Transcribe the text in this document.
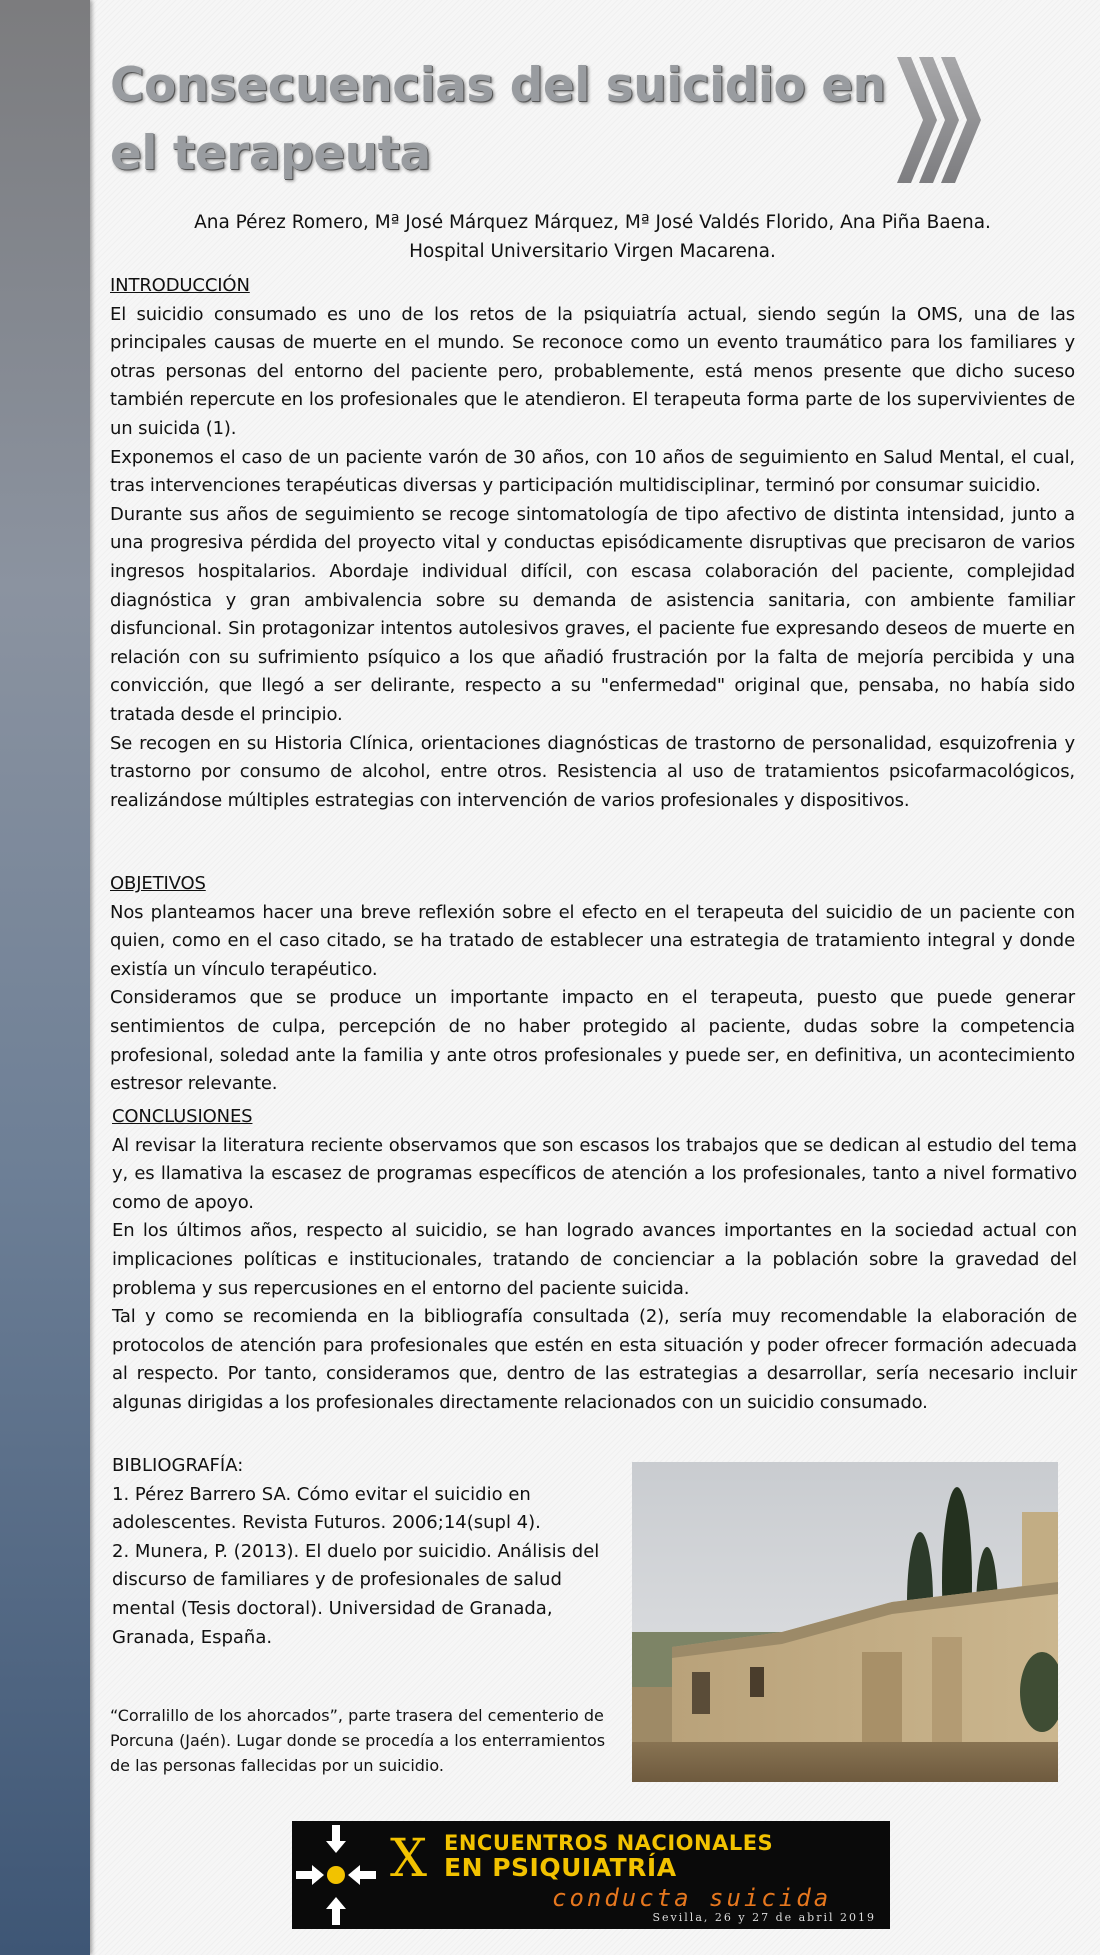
Consecuencias del suicidio en el terapeuta
Ana Pérez Romero, Mª José Márquez Márquez, Mª José Valdés Florido, Ana Piña Baena.
Hospital Universitario Virgen Macarena.
INTRODUCCIÓN

El suicidio consumado es uno de los retos de la psiquiatría actual, siendo según la OMS, una de las principales causas de muerte en el mundo. Se reconoce como un evento traumático para los familiares y otras personas del entorno del paciente pero, probablemente, está menos presente que dicho suceso también repercute en los profesionales que le atendieron. El terapeuta forma parte de los supervivientes de un suicida (1).

Exponemos el caso de un paciente varón de 30 años, con 10 años de seguimiento en Salud Mental, el cual, tras intervenciones terapéuticas diversas y participación multidisciplinar, terminó por consumar suicidio.

Durante sus años de seguimiento se recoge sintomatología de tipo afectivo de distinta intensidad, junto a una progresiva pérdida del proyecto vital y conductas episódicamente disruptivas que precisaron de varios ingresos hospitalarios. Abordaje individual difícil, con escasa colaboración del paciente, complejidad diagnóstica y gran ambivalencia sobre su demanda de asistencia sanitaria, con ambiente familiar disfuncional. Sin protagonizar intentos autolesivos graves, el paciente fue expresando deseos de muerte en relación con su sufrimiento psíquico a los que añadió frustración por la falta de mejoría percibida y una convicción, que llegó a ser delirante, respecto a su "enfermedad" original que, pensaba, no había sido tratada desde el principio.

Se recogen en su Historia Clínica, orientaciones diagnósticas de trastorno de personalidad, esquizofrenia y trastorno por consumo de alcohol, entre otros. Resistencia al uso de tratamientos psicofarmacológicos, realizándose múltiples estrategias con intervención de varios profesionales y dispositivos.

OBJETIVOS

Nos planteamos hacer una breve reflexión sobre el efecto en el terapeuta del suicidio de un paciente con quien, como en el caso citado, se ha tratado de establecer una estrategia de tratamiento integral y donde existía un vínculo terapéutico.

Consideramos que se produce un importante impacto en el terapeuta, puesto que puede generar sentimientos de culpa, percepción de no haber protegido al paciente, dudas sobre la competencia profesional, soledad ante la familia y ante otros profesionales y puede ser, en definitiva, un acontecimiento estresor relevante.

CONCLUSIONES

Al revisar la literatura reciente observamos que son escasos los trabajos que se dedican al estudio del tema y, es llamativa la escasez de programas específicos de atención a los profesionales, tanto a nivel formativo como de apoyo.

En los últimos años, respecto al suicidio, se han logrado avances importantes en la sociedad actual con implicaciones políticas e institucionales, tratando de concienciar a la población sobre la gravedad del problema y sus repercusiones en el entorno del paciente suicida.

Tal y como se recomienda en la bibliografía consultada (2), sería muy recomendable la elaboración de protocolos de atención para profesionales que estén en esta situación y poder ofrecer formación adecuada al respecto. Por tanto, consideramos que, dentro de las estrategias a desarrollar, sería necesario incluir algunas dirigidas a los profesionales directamente relacionados con un suicidio consumado.

BIBLIOGRAFÍA:

1. Pérez Barrero SA. Cómo evitar el suicidio en adolescentes. Revista Futuros. 2006;14(supl 4).

2. Munera, P. (2013). El duelo por suicidio. Análisis del discurso de familiares y de profesionales de salud mental (Tesis doctoral). Universidad de Granada, Granada, España.

“Corralillo de los ahorcados”, parte trasera del cementerio de Porcuna (Jaén). Lugar donde se procedía a los enterramientos de las personas fallecidas por un suicidio.
X ENCUENTROS NACIONALES
EN PSIQUIATRÍA
conducta suicida
Sevilla, 26 y 27 de abril 2019
